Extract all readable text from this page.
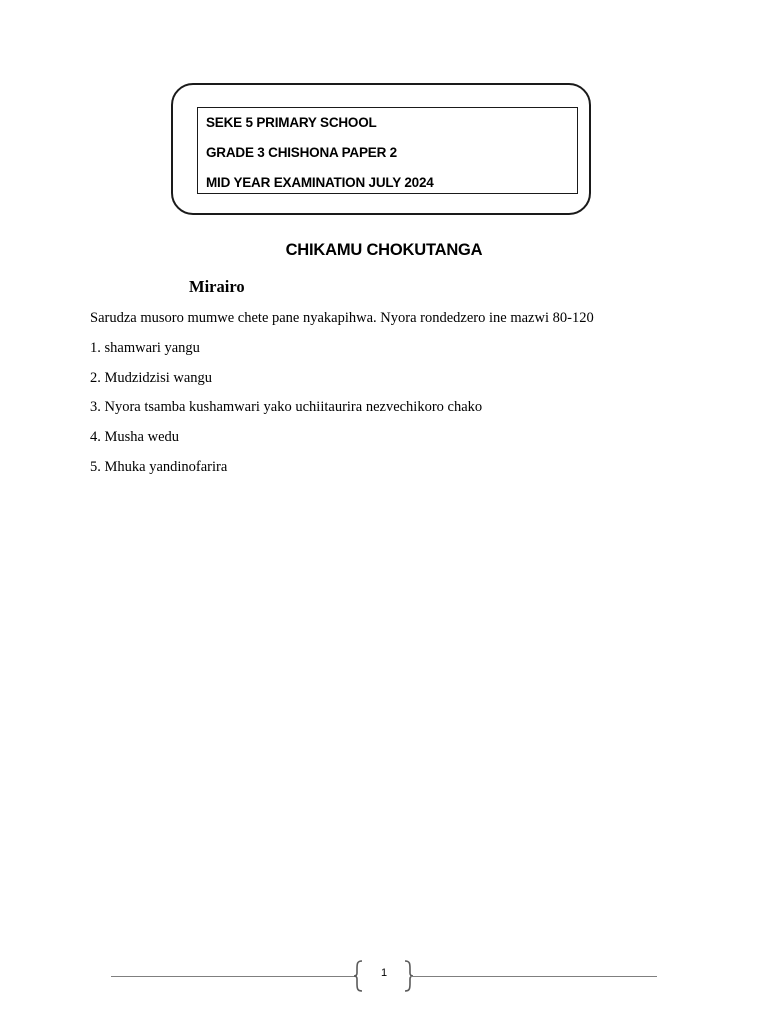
SEKE 5 PRIMARY SCHOOL
GRADE 3 CHISHONA PAPER 2
MID YEAR EXAMINATION JULY 2024
CHIKAMU CHOKUTANGA
Mirairo
Sarudza musoro mumwe chete pane nyakapihwa. Nyora rondedzero ine mazwi 80-120
1. shamwari yangu
2. Mudzidzisi wangu
3. Nyora tsamba kushamwari yako uchiitaurira nezvechikoro chako
4. Musha wedu
5. Mhuka yandinofarira
1
